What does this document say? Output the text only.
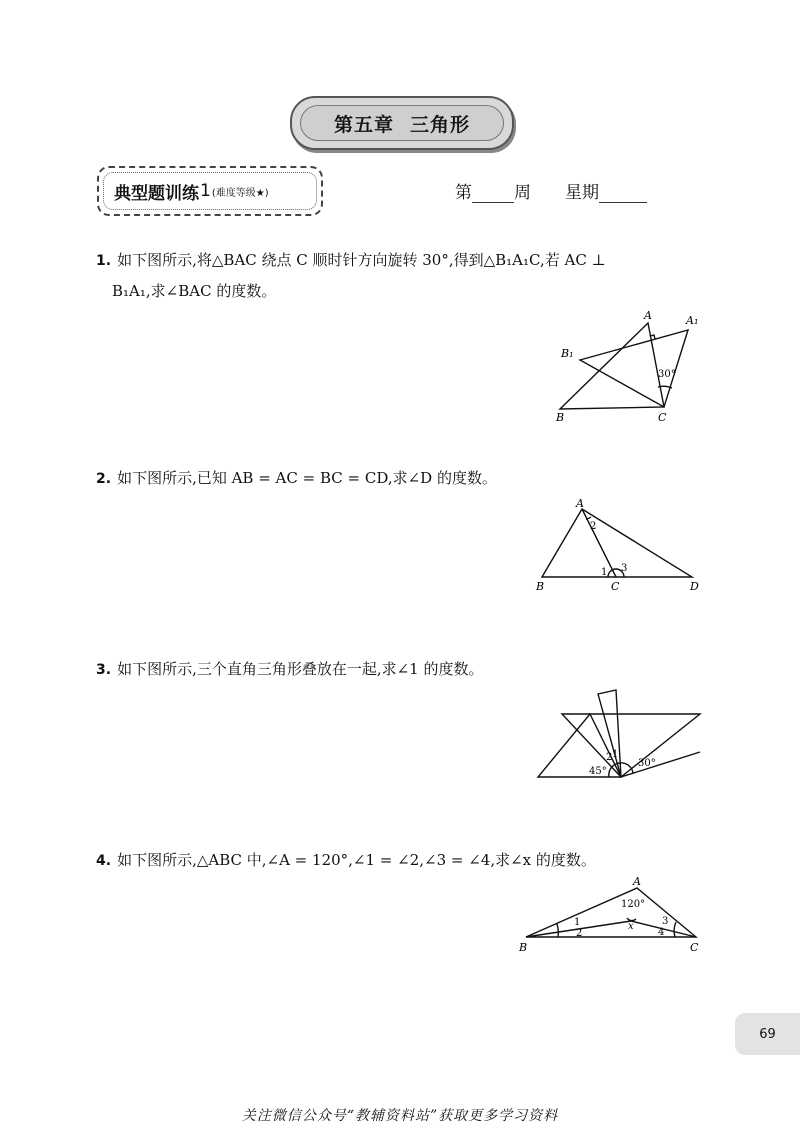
第五章 三角形
典型题训练 1 (难度等级★)	第 周 星期
1. 如下图所示,将△BAC 绕点 C 顺时针方向旋转 30°,得到△B₁A₁C,若 AC ⊥
B₁A₁,求∠BAC 的度数。
A	A₁
B₁
B	C
30°
2. 如下图所示,已知 AB = AC = BC = CD,求∠D 的度数。
A
B	C	D
1
2
3
3. 如下图所示,三个直角三角形叠放在一起,求∠1 的度数。
1
2
45°
30°
4. 如下图所示,△ABC 中,∠A = 120°,∠1 = ∠2,∠3 = ∠4,求∠x 的度数。
A
B	C
120°
1
2
3
4
x
69
关注微信公众号“教辅资料站”获取更多学习资料
